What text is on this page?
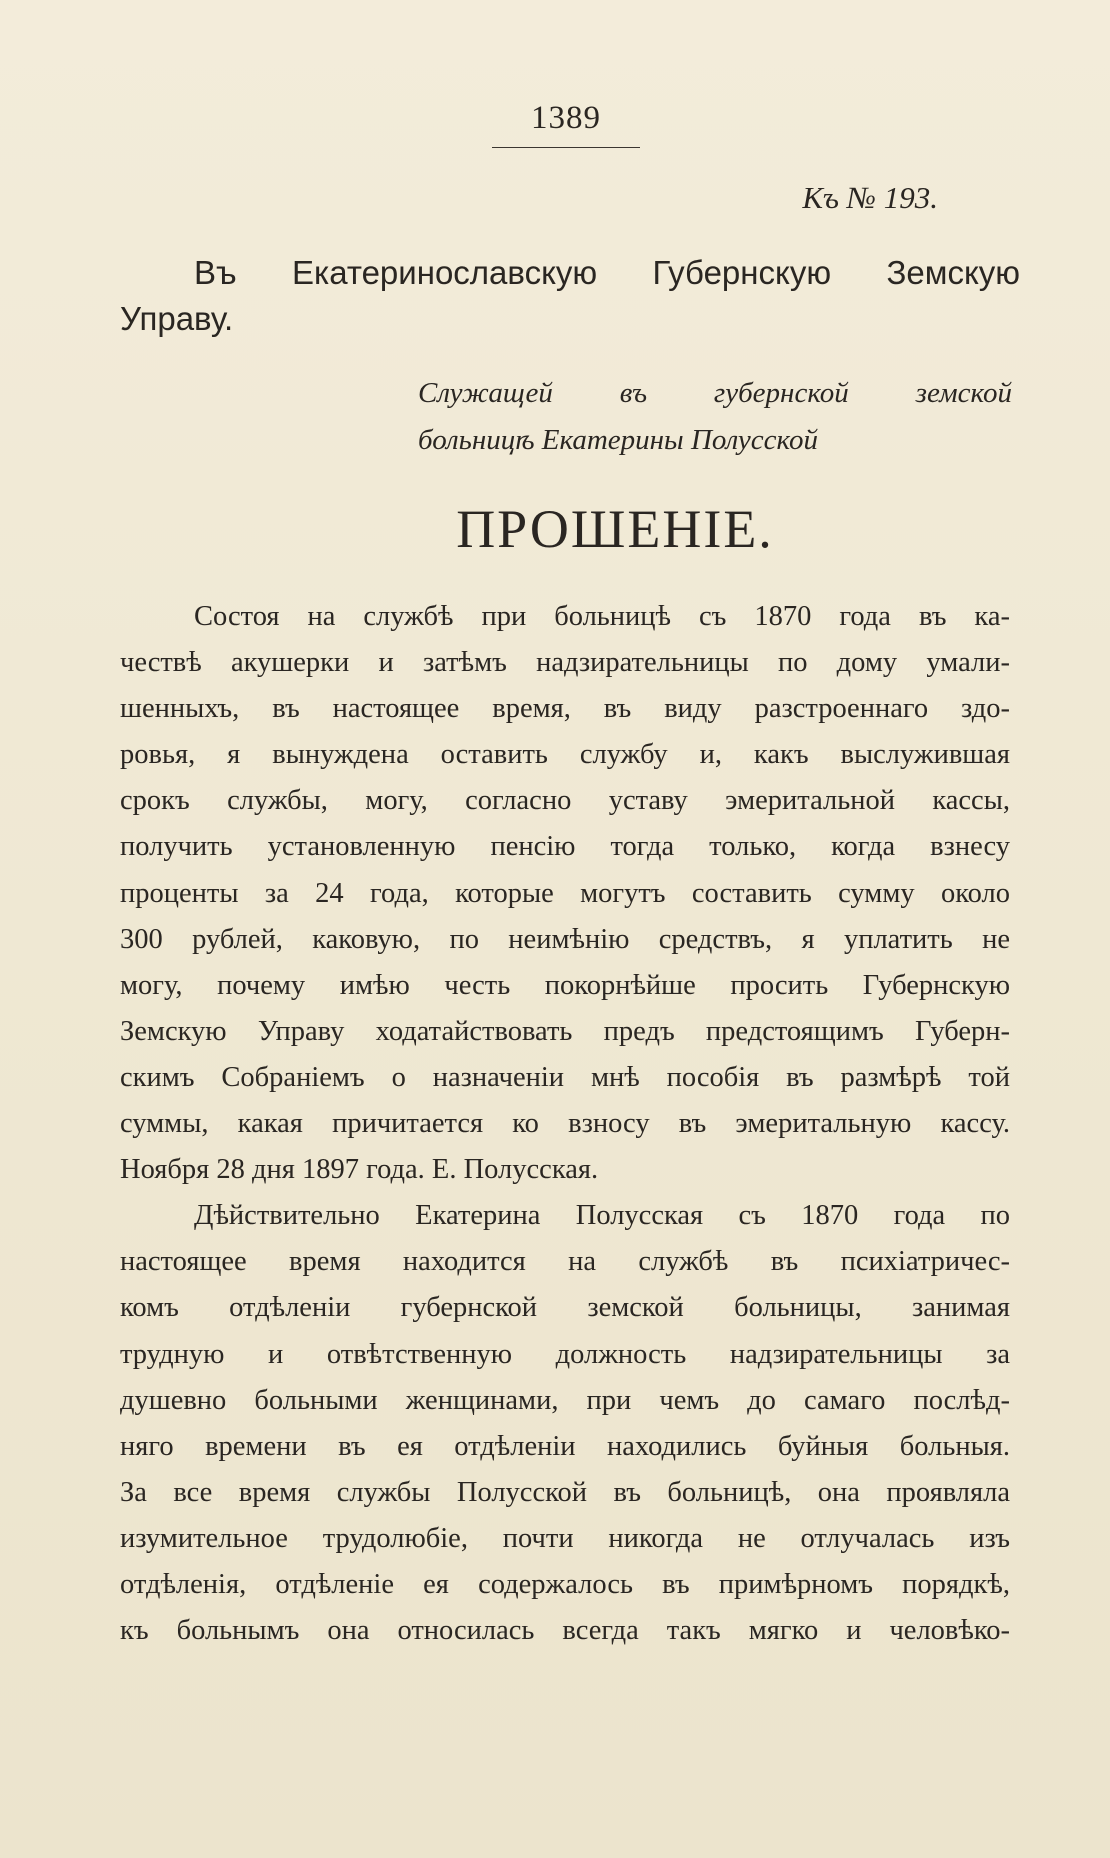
1389
Къ № 193.
Въ Екатеринославскую Губернскую Земскую
Управу.
Служащей въ губернской земской
больницѣ Екатерины Полусской
ПРОШЕНІЕ.
Состоя на службѣ при больницѣ съ 1870 года въ ка-
чествѣ акушерки и затѣмъ надзирательницы по дому умали-
шенныхъ, въ настоящее время, въ виду разстроеннаго здо-
ровья, я вынуждена оставить службу и, какъ выслужившая
срокъ службы, могу, согласно уставу эмеритальной кассы,
получить установленную пенсію тогда только, когда взнесу
проценты за 24 года, которые могутъ составить сумму около
300 рублей, каковую, по неимѣнію средствъ, я уплатить не
могу, почему имѣю честь покорнѣйше просить Губернскую
Земскую Управу ходатайствовать предъ предстоящимъ Губерн-
скимъ Собраніемъ о назначеніи мнѣ пособія въ размѣрѣ той
суммы, какая причитается ко взносу въ эмеритальную кассу.
Ноября 28 дня 1897 года. Е. Полусская.
Дѣйствительно Екатерина Полусская съ 1870 года по
настоящее время находится на службѣ въ психіатричес-
комъ отдѣленіи губернской земской больницы, занимая
трудную и отвѣтственную должность надзирательницы за
душевно больными женщинами, при чемъ до самаго послѣд-
няго времени въ ея отдѣленіи находились буйныя больныя.
За все время службы Полусской въ больницѣ, она проявляла
изумительное трудолюбіе, почти никогда не отлучалась изъ
отдѣленія, отдѣленіе ея содержалось въ примѣрномъ порядкѣ,
къ больнымъ она относилась всегда такъ мягко и человѣко-
